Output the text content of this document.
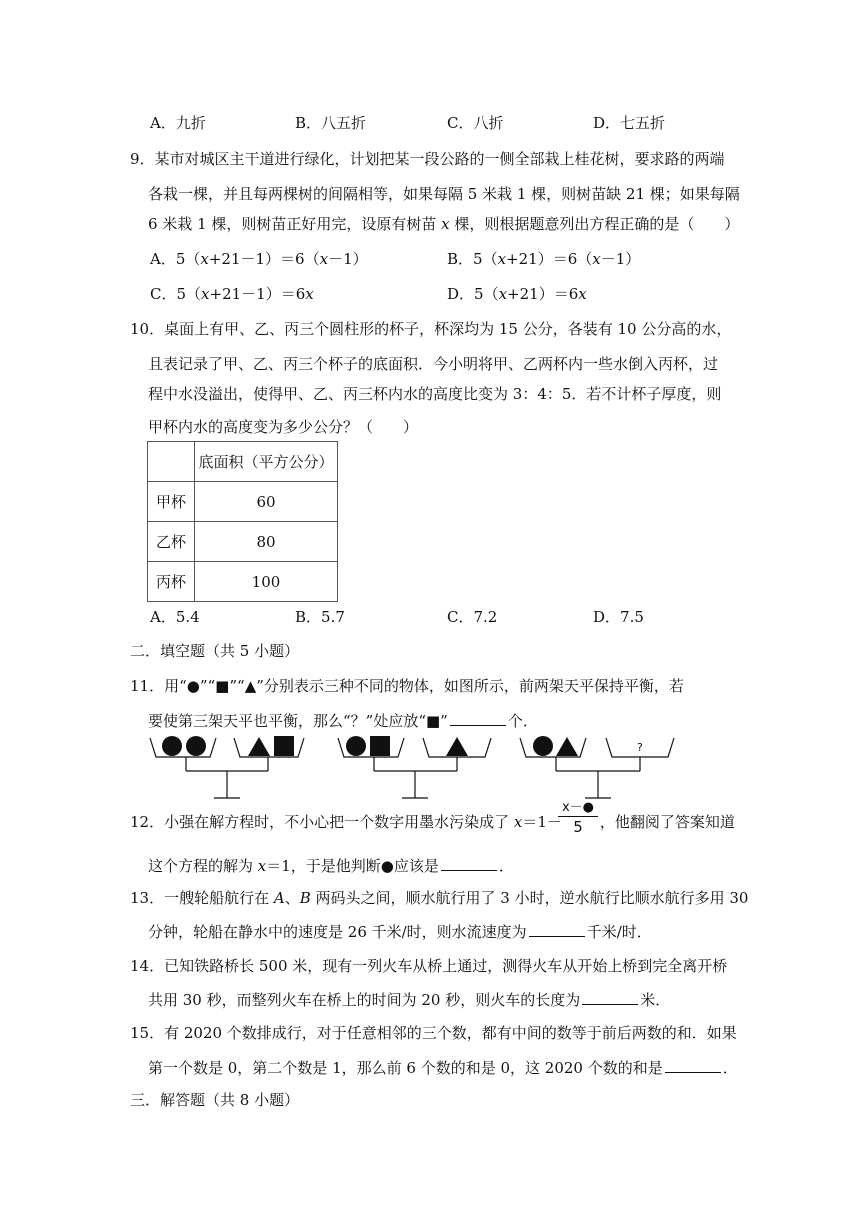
A．九折	B．八五折	C．八折	D．七五折
9．某市对城区主干道进行绿化，计划把某一段公路的一侧全部栽上桂花树，要求路的两端
各栽一棵，并且每两棵树的间隔相等，如果每隔 5 米栽 1 棵，则树苗缺 21 棵；如果每隔
6 米栽 1 棵，则树苗正好用完，设原有树苗 x 棵，则根据题意列出方程正确的是（　　）
A．5（x+21－1）＝6（x－1）	B．5（x+21）＝6（x－1）
C．5（x+21－1）＝6x	D．5（x+21）＝6x
10．桌面上有甲、乙、丙三个圆柱形的杯子，杯深均为 15 公分，各装有 10 公分高的水，
且表记录了甲、乙、丙三个杯子的底面积．今小明将甲、乙两杯内一些水倒入丙杯，过
程中水没溢出，使得甲、乙、丙三杯内水的高度比变为 3：4：5．若不计杯子厚度，则
甲杯内水的高度变为多少公分？（　　）
	底面积（平方公分）
甲杯	60
乙杯	80
丙杯	100
A．5.4	B．5.7	C．7.2	D．7.5
二．填空题（共 5 小题）
11．用“●”“■”“▲”分别表示三种不同的物体，如图所示，前两架天平保持平衡，若
要使第三架天平也平衡，那么“？”处应放“■”	个．
?
12．小强在解方程时，不小心把一个数字用墨水污染成了 x＝1－	，他翻阅了答案知道
x－●
5
这个方程的解为 x＝1，于是他判断●应该是	．
13．一艘轮船航行在 A、B 两码头之间，顺水航行用了 3 小时，逆水航行比顺水航行多用 30
分钟，轮船在静水中的速度是 26 千米/时，则水流速度为	千米/时．
14．已知铁路桥长 500 米，现有一列火车从桥上通过，测得火车从开始上桥到完全离开桥
共用 30 秒，而整列火车在桥上的时间为 20 秒，则火车的长度为	米．
15．有 2020 个数排成行，对于任意相邻的三个数，都有中间的数等于前后两数的和．如果
第一个数是 0，第二个数是 1，那么前 6 个数的和是 0，这 2020 个数的和是	．
三．解答题（共 8 小题）
